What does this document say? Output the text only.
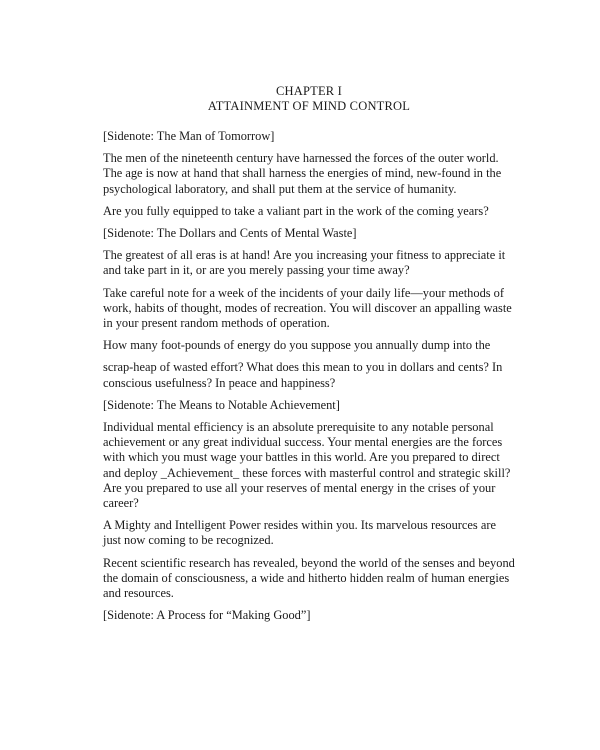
CHAPTER I
ATTAINMENT OF MIND CONTROL

[Sidenote: The Man of Tomorrow]

The men of the nineteenth century have harnessed the forces of the outer world. The age is now at hand that shall harness the energies of mind, new-found in the psychological laboratory, and shall put them at the service of humanity.

Are you fully equipped to take a valiant part in the work of the coming years?

[Sidenote: The Dollars and Cents of Mental Waste]

The greatest of all eras is at hand! Are you increasing your fitness to appreciate it and take part in it, or are you merely passing your time away?

Take careful note for a week of the incidents of your daily life—your methods of work, habits of thought, modes of recreation. You will discover an appalling waste in your present random methods of operation.

How many foot-pounds of energy do you suppose you annually dump into the

scrap-heap of wasted effort? What does this mean to you in dollars and cents? In conscious usefulness? In peace and happiness?

[Sidenote: The Means to Notable Achievement]

Individual mental efficiency is an absolute prerequisite to any notable personal achievement or any great individual success. Your mental energies are the forces with which you must wage your battles in this world. Are you prepared to direct and deploy _Achievement_ these forces with masterful control and strategic skill? Are you prepared to use all your reserves of mental energy in the crises of your career?

A Mighty and Intelligent Power resides within you. Its marvelous resources are just now coming to be recognized.

Recent scientific research has revealed, beyond the world of the senses and beyond the domain of consciousness, a wide and hitherto hidden realm of human energies and resources.

[Sidenote: A Process for “Making Good”]
